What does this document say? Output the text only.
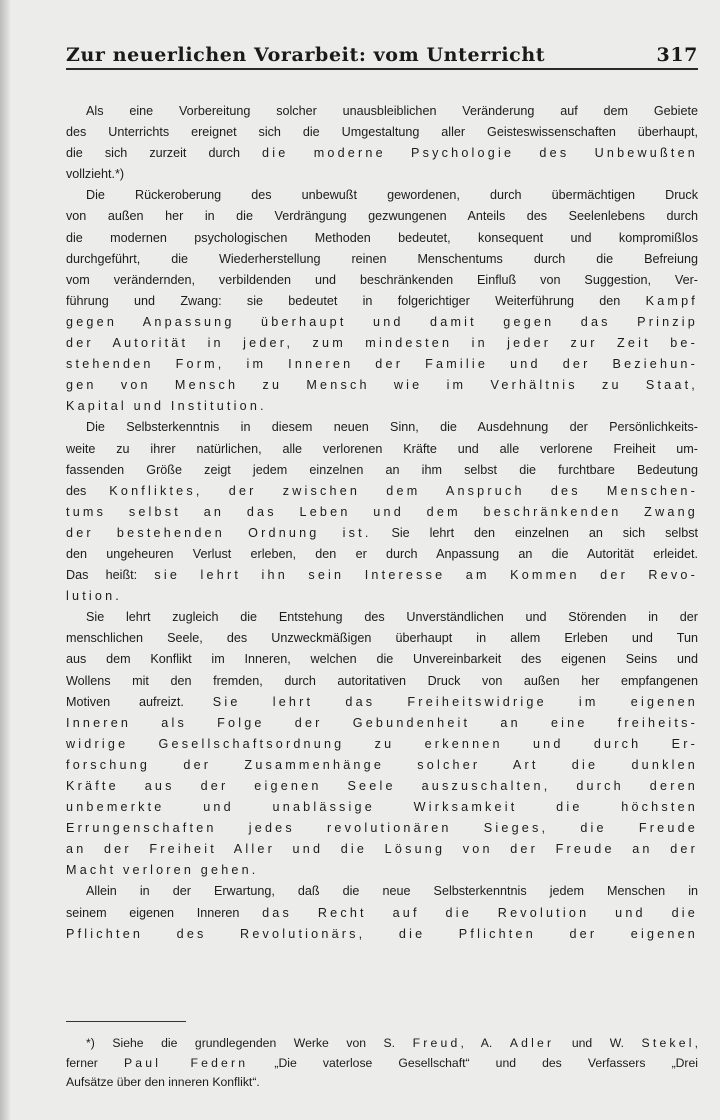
Zur neuerlichen Vorarbeit: vom Unterricht	317
Als eine Vorbereitung solcher unausbleiblichen Veränderung auf dem Gebiete
des Unterrichts ereignet sich die Umgestaltung aller Geisteswissenschaften überhaupt,
die sich zurzeit durch die moderne Psychologie des Unbewußten
vollzieht.*)
Die Rückeroberung des unbewußt gewordenen, durch übermächtigen Druck
von außen her in die Verdrängung gezwungenen Anteils des Seelenlebens durch
die modernen psychologischen Methoden bedeutet, konsequent und kompromißlos
durchgeführt, die Wiederherstellung reinen Menschentums durch die Befreiung
vom verändernden, verbildenden und beschränkenden Einfluß von Suggestion, Ver-
führung und Zwang: sie bedeutet in folgerichtiger Weiterführung den Kampf
gegen Anpassung überhaupt und damit gegen das Prinzip
der Autorität in jeder, zum mindesten in jeder zur Zeit be-
stehenden Form, im Inneren der Familie und der Beziehun-
gen von Mensch zu Mensch wie im Verhältnis zu Staat,
Kapital und Institution.
Die Selbsterkenntnis in diesem neuen Sinn, die Ausdehnung der Persönlichkeits-
weite zu ihrer natürlichen, alle verlorenen Kräfte und alle verlorene Freiheit um-
fassenden Größe zeigt jedem einzelnen an ihm selbst die furchtbare Bedeutung
des Konfliktes, der zwischen dem Anspruch des Menschen-
tums selbst an das Leben und dem beschränkenden Zwang
der bestehenden Ordnung ist. Sie lehrt den einzelnen an sich selbst
den ungeheuren Verlust erleben, den er durch Anpassung an die Autorität erleidet.
Das heißt: sie lehrt ihn sein Interesse am Kommen der Revo-
lution.
Sie lehrt zugleich die Entstehung des Unverständlichen und Störenden in der
menschlichen Seele, des Unzweckmäßigen überhaupt in allem Erleben und Tun
aus dem Konflikt im Inneren, welchen die Unvereinbarkeit des eigenen Seins und
Wollens mit den fremden, durch autoritativen Druck von außen her empfangenen
Motiven aufreizt. Sie lehrt das Freiheitswidrige im eigenen
Inneren als Folge der Gebundenheit an eine freiheits-
widrige Gesellschaftsordnung zu erkennen und durch Er-
forschung der Zusammenhänge solcher Art die dunklen
Kräfte aus der eigenen Seele auszuschalten, durch deren
unbemerkte und unablässige Wirksamkeit die höchsten
Errungenschaften jedes revolutionären Sieges, die Freude
an der Freiheit Aller und die Lösung von der Freude an der
Macht verloren gehen.
Allein in der Erwartung, daß die neue Selbsterkenntnis jedem Menschen in
seinem eigenen Inneren das Recht auf die Revolution und die
Pflichten des Revolutionärs, die Pflichten der eigenen
*) Siehe die grundlegenden Werke von S. Freud, A. Adler und W. Stekel,
ferner Paul Federn „Die vaterlose Gesellschaft“ und des Verfassers „Drei
Aufsätze über den inneren Konflikt“.
